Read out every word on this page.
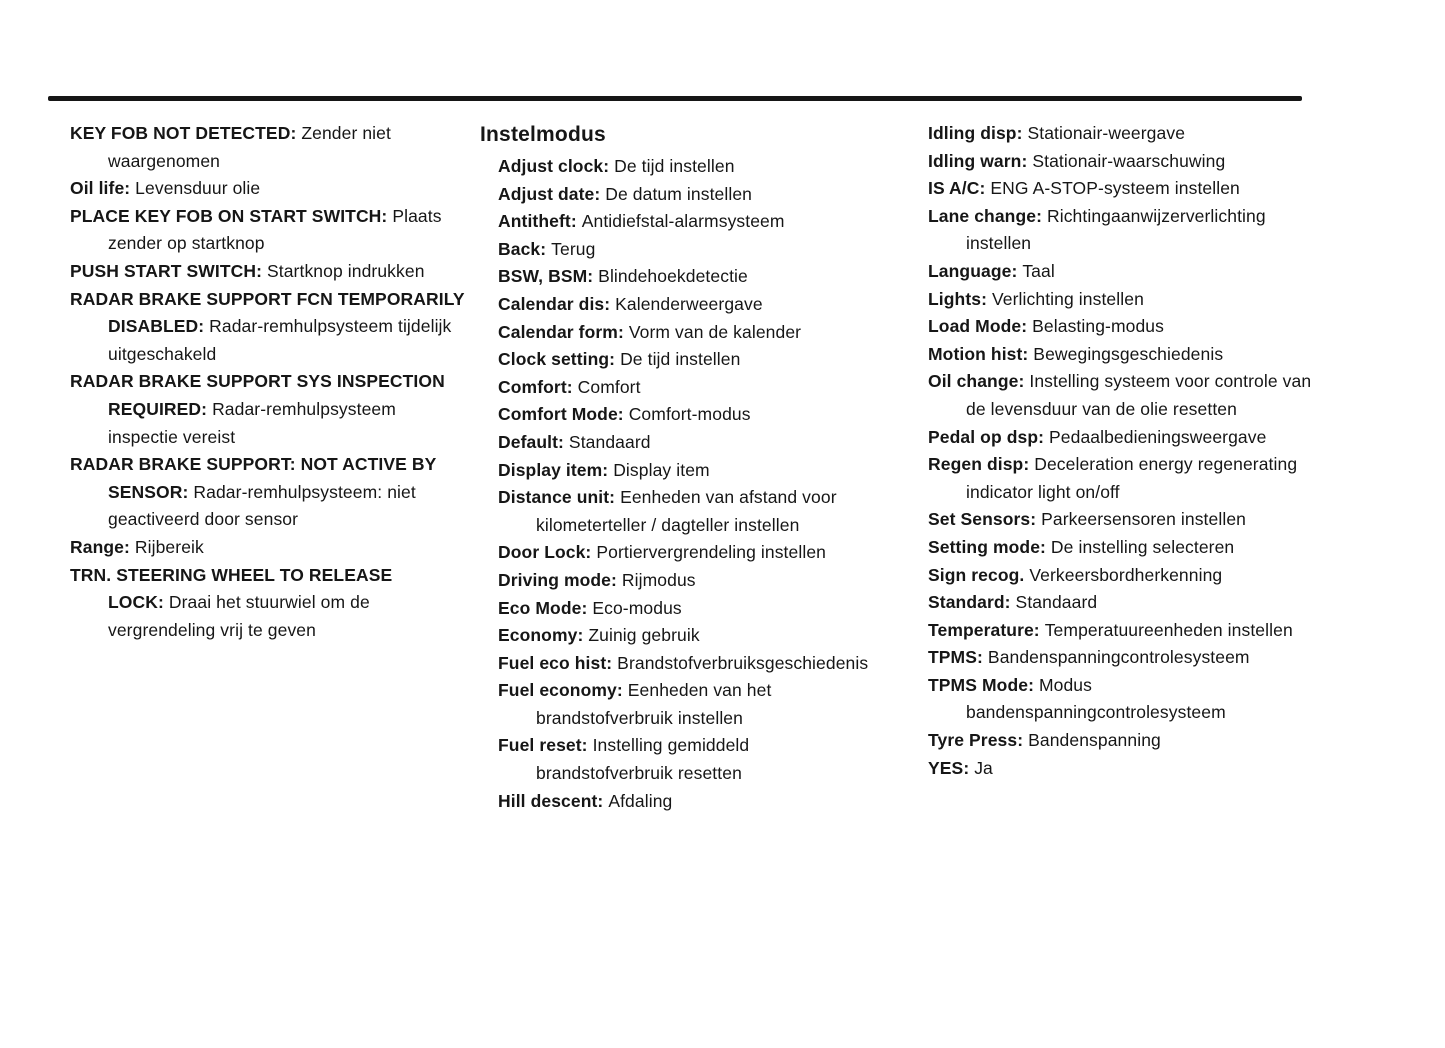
KEY FOB NOT DETECTED: Zender niet waargenomen

Oil life: Levensduur olie

PLACE KEY FOB ON START SWITCH: Plaats zender op startknop

PUSH START SWITCH: Startknop indrukken

RADAR BRAKE SUPPORT FCN TEMPORARILY DISABLED: Radar-remhulpsysteem tijdelijk uitgeschakeld

RADAR BRAKE SUPPORT SYS INSPECTION REQUIRED: Radar-remhulpsysteem inspectie vereist

RADAR BRAKE SUPPORT: NOT ACTIVE BY SENSOR: Radar-remhulpsysteem: niet geactiveerd door sensor

Range: Rijbereik

TRN. STEERING WHEEL TO RELEASE LOCK: Draai het stuurwiel om de vergrendeling vrij te geven

Instelmodus

Adjust clock: De tijd instellen

Adjust date: De datum instellen

Antitheft: Antidiefstal-alarmsysteem

Back: Terug

BSW, BSM: Blindehoekdetectie

Calendar dis: Kalenderweergave

Calendar form: Vorm van de kalender

Clock setting: De tijd instellen

Comfort: Comfort

Comfort Mode: Comfort-modus

Default: Standaard

Display item: Display item

Distance unit: Eenheden van afstand voor kilometerteller / dagteller instellen

Door Lock: Portiervergrendeling instellen

Driving mode: Rijmodus

Eco Mode: Eco-modus

Economy: Zuinig gebruik

Fuel eco hist: Brandstofverbruiksgeschiedenis

Fuel economy: Eenheden van het brandstofverbruik instellen

Fuel reset: Instelling gemiddeld brandstofverbruik resetten

Hill descent: Afdaling

Idling disp: Stationair-weergave

Idling warn: Stationair-waarschuwing

IS A/C: ENG A-STOP-systeem instellen

Lane change: Richtingaanwijzerverlichting instellen

Language: Taal

Lights: Verlichting instellen

Load Mode: Belasting-modus

Motion hist: Bewegingsgeschiedenis

Oil change: Instelling systeem voor controle van de levensduur van de olie resetten

Pedal op dsp: Pedaalbedieningsweergave

Regen disp: Deceleration energy regenerating indicator light on/off

Set Sensors: Parkeersensoren instellen

Setting mode: De instelling selecteren

Sign recog. Verkeersbordherkenning

Standard: Standaard

Temperature: Temperatuureenheden instellen

TPMS: Bandenspanningcontrolesysteem

TPMS Mode: Modus bandenspanningcontrolesysteem

Tyre Press: Bandenspanning

YES: Ja
